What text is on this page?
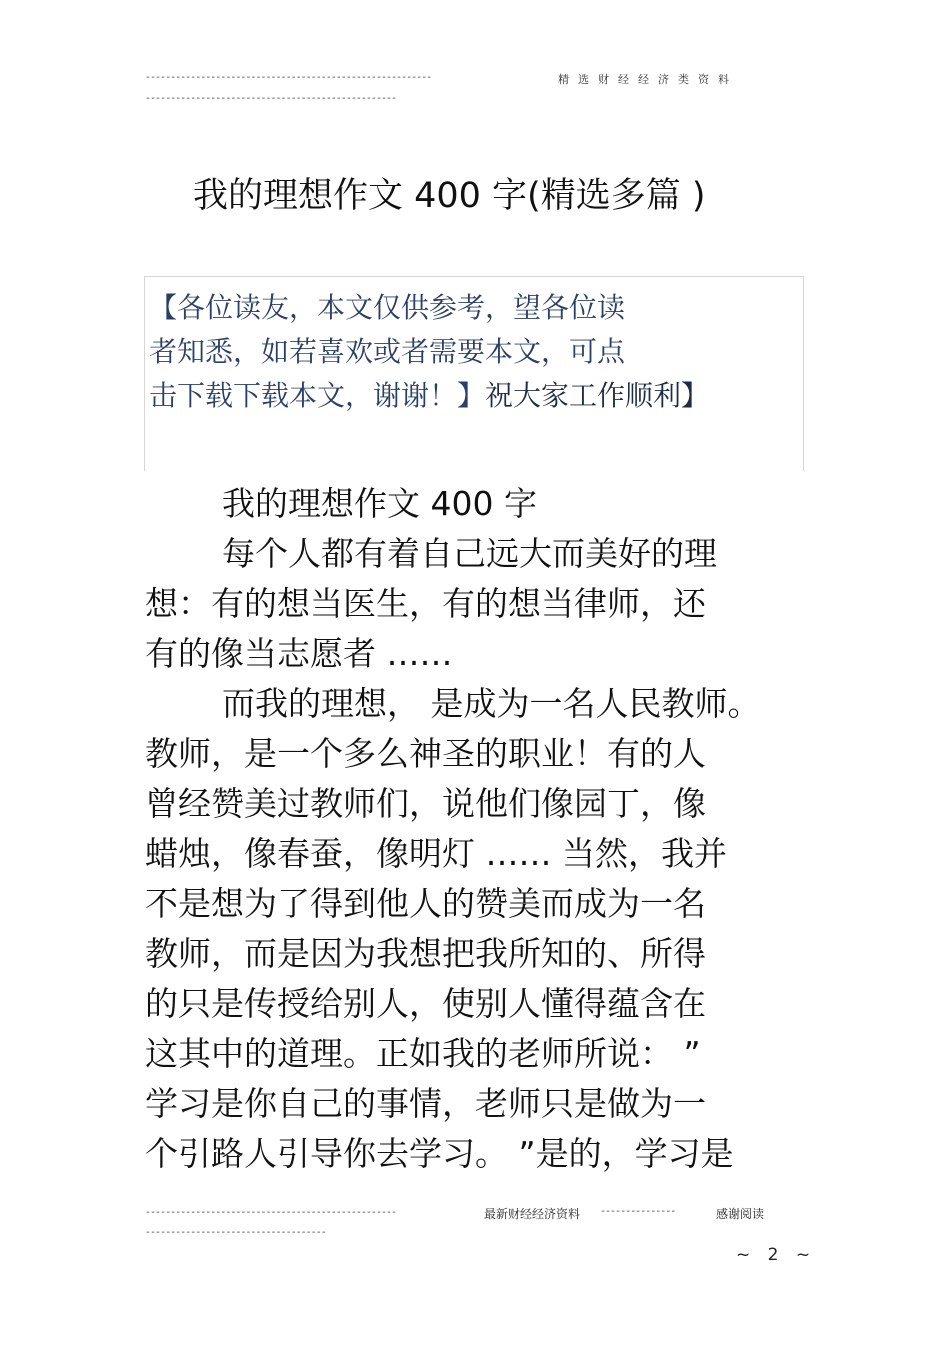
---------------------------------------------------------
--------------------------------------------------
精选财经经济类资料
我的理想作文 400 字(精选多篇 )
【各位读友，本文仅供参考，望各位读
者知悉，如若喜欢或者需要本文，可点
击下载下载本文，谢谢！】祝大家工作顺利】
我的理想作文 400 字
每个人都有着自己远大而美好的理
想：有的想当医生，有的想当律师，还
有的像当志愿者 ……
而我的理想， 是成为一名人民教师。
教师，是一个多么神圣的职业！有的人
曾经赞美过教师们，说他们像园丁，像
蜡烛，像春蚕，像明灯 …… 当然，我并
不是想为了得到他人的赞美而成为一名
教师，而是因为我想把我所知的、所得
的只是传授给别人，使别人懂得蕴含在
这其中的道理。正如我的老师所说： ”
学习是你自己的事情，老师只是做为一
个引路人引导你去学习。 ”是的，学习是
--------------------------------------------------
------------------------------------
最新财经经济资料 ---------------	感谢阅读
~ 2 ~
